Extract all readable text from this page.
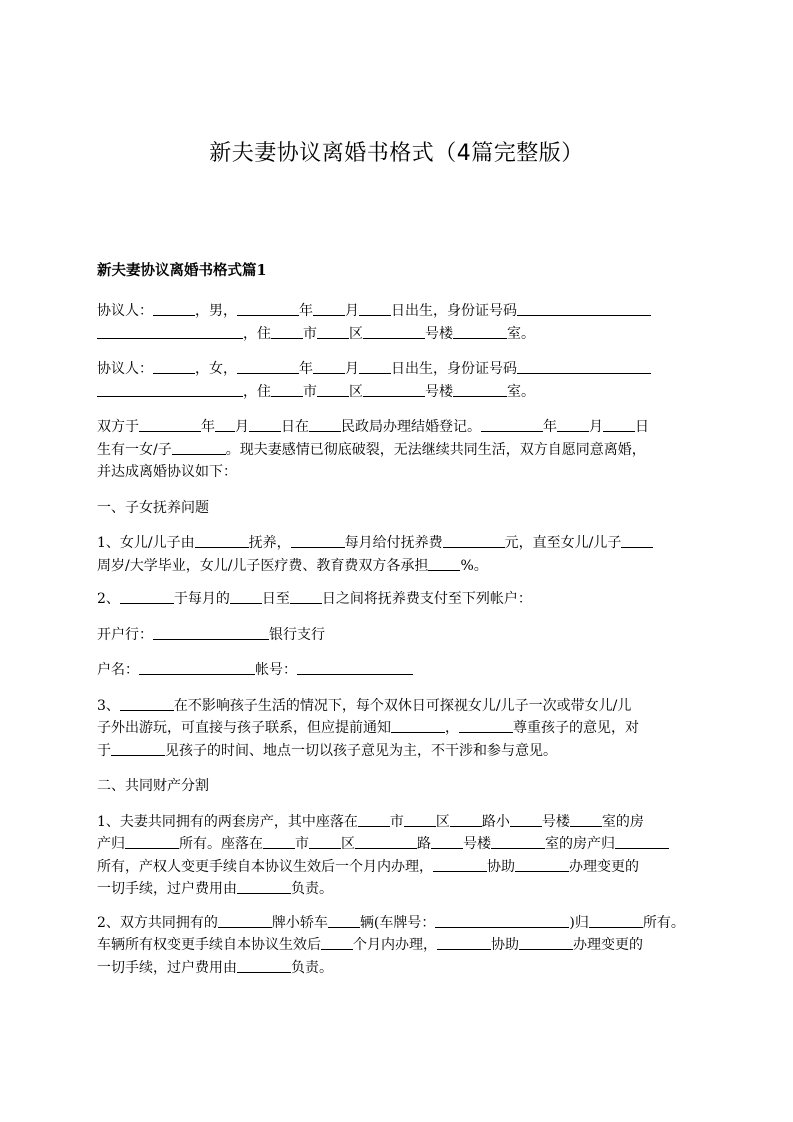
新夫妻协议离婚书格式（4篇完整版）
新夫妻协议离婚书格式篇1
协议人：	，男，	年 月 日出生，身份证号码
，住 市 区	号楼	室。
协议人：	，女，	年 月 日出生，身份证号码
，住 市 区	号楼	室。
双方于	年 月 日在 民政局办理结婚登记。	年 月 日
生有一女/子	。现夫妻感情已彻底破裂，无法继续共同生活，双方自愿同意离婚，
并达成离婚协议如下：
一、子女抚养问题
1、女儿/儿子由	抚养，	每月给付抚养费	元，直至女儿/儿子
周岁/大学毕业，女儿/儿子医疗费、教育费双方各承担 %。
2、	于每月的 日至 日之间将抚养费支付至下列帐户：
开户行：	银行支行
户名：	帐号：
3、	在不影响孩子生活的情况下，每个双休日可探视女儿/儿子一次或带女儿/儿
子外出游玩，可直接与孩子联系，但应提前通知	，	尊重孩子的意见，对
于	见孩子的时间、地点一切以孩子意见为主，不干涉和参与意见。
二、共同财产分割
1、夫妻共同拥有的两套房产，其中座落在 市 区 路小 号楼 室的房
产归	所有。座落在 市 区	路 号楼	室的房产归
所有，产权人变更手续自本协议生效后一个月内办理，	协助	办理变更的
一切手续，过户费用由	负责。
2、双方共同拥有的	牌小轿车 辆(车牌号：	)归	所有。
车辆所有权变更手续自本协议生效后 个月内办理，	协助	办理变更的
一切手续，过户费用由	负责。
